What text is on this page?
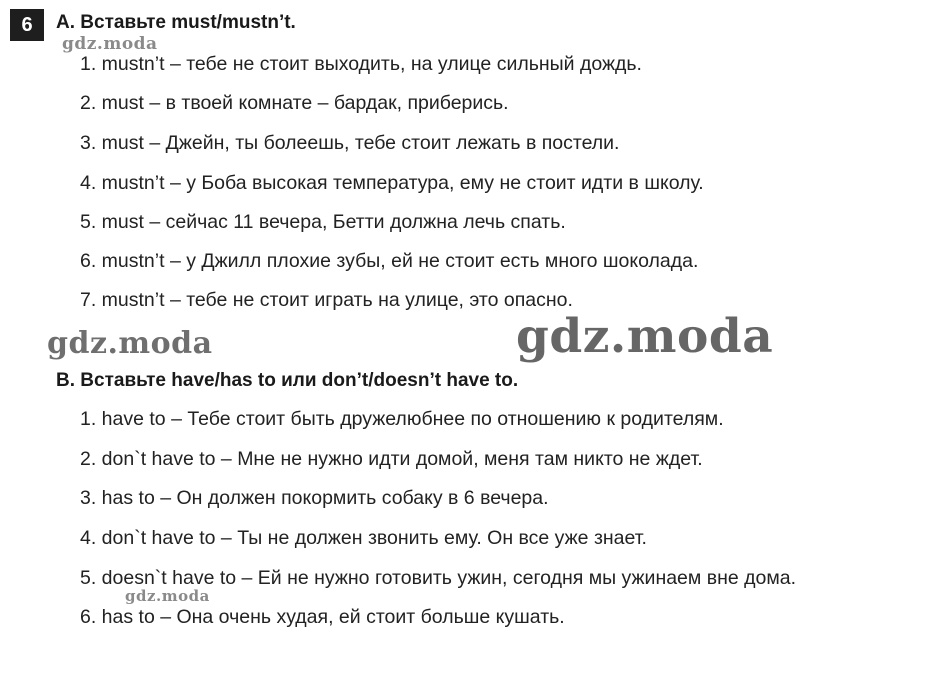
6	A. Вставьте must/mustn’t.
gdz.moda
1. mustn’t – тебе не стоит выходить, на улице сильный дождь.
2. must – в твоей комнате – бардак, приберись.
3. must – Джейн, ты болеешь, тебе стоит лежать в постели.
4. mustn’t – у Боба высокая температура, ему не стоит идти в школу.
5. must – сейчас 11 вечера, Бетти должна лечь спать.
6. mustn’t – у Джилл плохие зубы, ей не стоит есть много шоколада.
7. mustn’t – тебе не стоит играть на улице, это опасно.
gdz.moda	gdz.moda
B. Вставьте have/has to или don’t/doesn’t have to.
1. have to – Тебе стоит быть дружелюбнее по отношению к родителям.
2. don`t have to – Мне не нужно идти домой, меня там никто не ждет.
3. has to – Он должен покормить собаку в 6 вечера.
4. don`t have to – Ты не должен звонить ему. Он все уже знает.
5. doesn`t have to – Ей не нужно готовить ужин, сегодня мы ужинаем вне дома.
gdz.moda
6. has to – Она очень худая, ей стоит больше кушать.
